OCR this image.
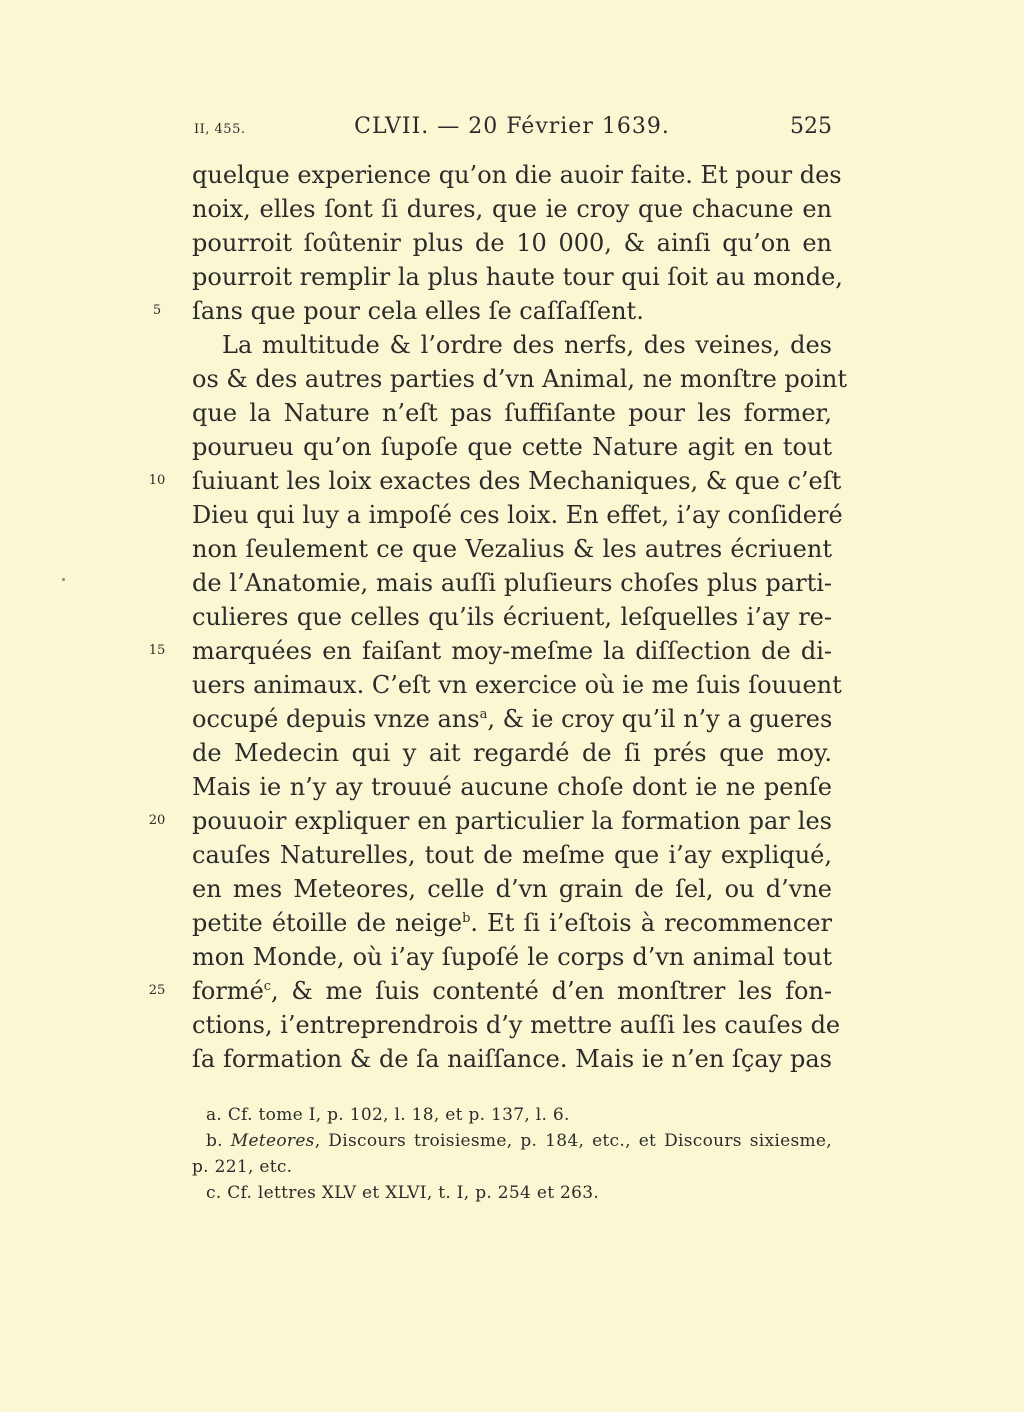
II, 455.	CLVII. — 20 Février 1639.	525
quelque experience qu’on die auoir faite. Et pour des
noix, elles ſont ſi dures, que ie croy que chacune en
pourroit ſoûtenir plus de 10 000, & ainſi qu’on en
pourroit remplir la plus haute tour qui ſoit au monde,
5	ſans que pour cela elles ſe caſſaſſent.
La multitude & l’ordre des nerfs, des veines, des
os & des autres parties d’vn Animal, ne monſtre point
que la Nature n’eſt pas ſuffiſante pour les former,
pourueu qu’on ſupoſe que cette Nature agit en tout
10 ſuiuant les loix exactes des Mechaniques, & que c’eſt
Dieu qui luy a impoſé ces loix. En effet, i’ay conſideré
non ſeulement ce que Vezalius & les autres écriuent
de l’Anatomie, mais auſſi pluſieurs choſes plus parti-
culieres que celles qu’ils écriuent, leſquelles i’ay re-
15 marquées en faiſant moy-meſme la diſſection de di-
uers animaux. C’eſt vn exercice où ie me ſuis ſouuent
occupé depuis vnze ans$^a$, & ie croy qu’il n’y a gueres
de Medecin qui y ait regardé de ſi prés que moy.
Mais ie n’y ay trouué aucune choſe dont ie ne penſe
20 pouuoir expliquer en particulier la formation par les
cauſes Naturelles, tout de meſme que i’ay expliqué,
en mes Meteores, celle d’vn grain de ſel, ou d’vne
petite étoille de neige$^b$. Et ſi i’eſtois à recommencer
mon Monde, où i’ay ſupoſé le corps d’vn animal tout
25 formé$^c$, & me ſuis contenté d’en monſtrer les fon-
ctions, i’entreprendrois d’y mettre auſſi les cauſes de
ſa formation & de ſa naiſſance. Mais ie n’en ſçay pas
a. Cf. tome I, p. 102, l. 18, et p. 137, l. 6.
b. Meteores, Discours troisiesme, p. 184, etc., et Discours sixiesme, p. 221, etc.
c. Cf. lettres XLV et XLVI, t. I, p. 254 et 263.
